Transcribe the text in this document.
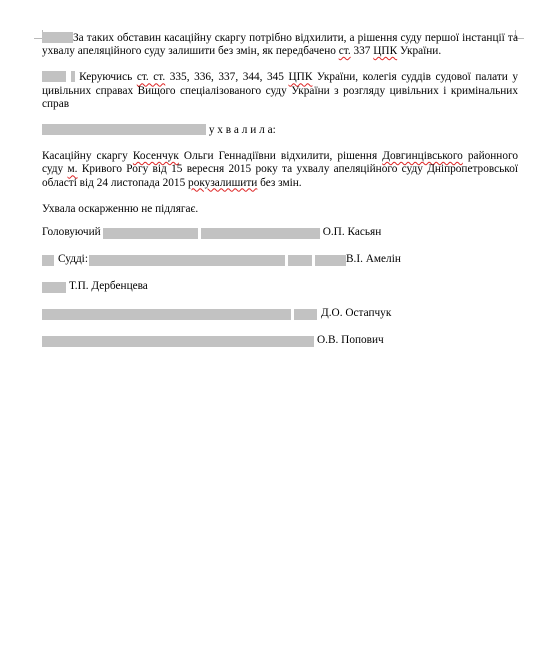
За таких обставин касаційну скаргу потрібно відхилити, а рішення суду першої інстанції та ухвалу апеляційного суду залишити без змін, як передбачено ст. 337 ЦПК України.

Керуючись ст. ст. 335, 336, 337, 344, 345 ЦПК України, колегія суддів судової палати у цивільних справах Вищого спеціалізованого суду України з розгляду цивільних і кримінальних справ

у х в а л и л а:

Касаційну скаргу Косенчук Ольги Геннадіївни відхилити, рішення Довгинцівського районного суду м. Кривого Рогу від 15 вересня 2015 року та ухвалу апеляційного суду Дніпропетровської області від 24 листопада 2015 рокузалишити без змін.

Ухвала оскарженню не підлягає.

Головуючий	О.П. Касьян
Судді:	В.І. Амелін
Т.П. Дербенцева
Д.О. Остапчук
О.В. Попович
